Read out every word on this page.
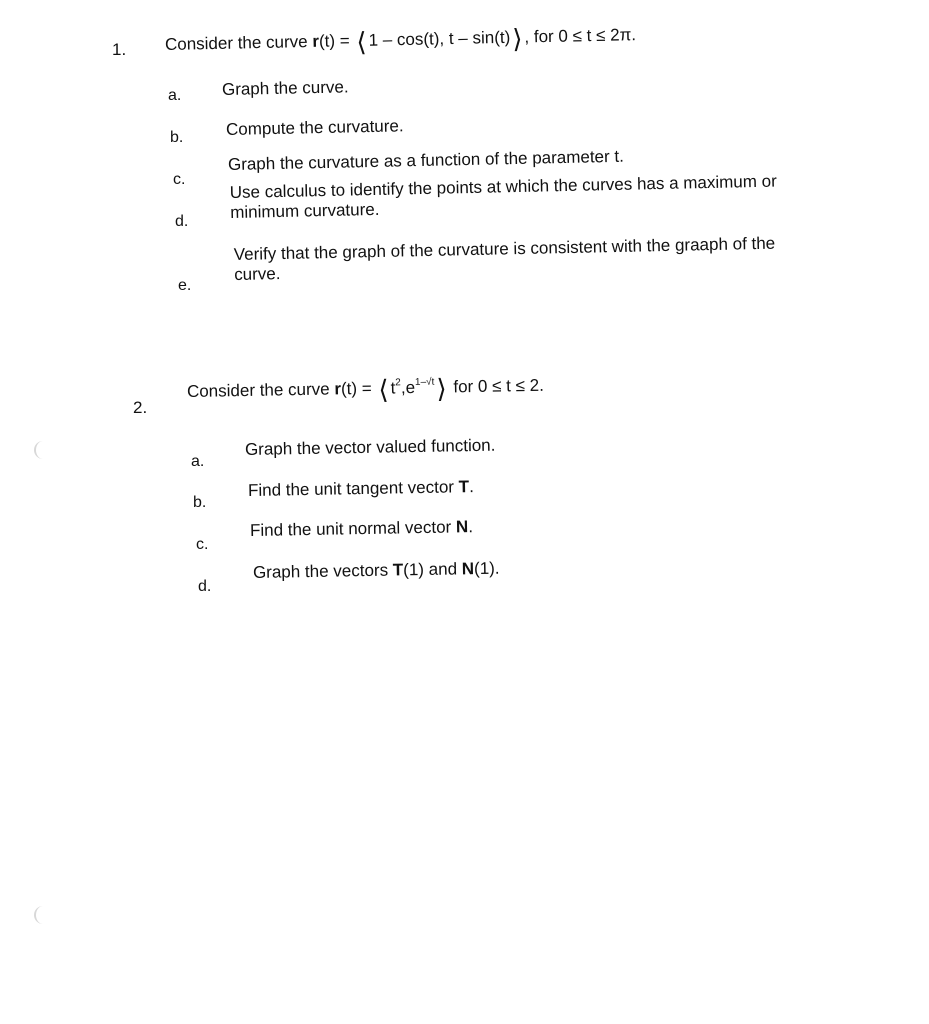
1. Consider the curve r(t) = ⟨1 – cos(t), t – sin(t)⟩, for 0 ≤ t ≤ 2π.
a. Graph the curve.
b. Compute the curvature.
c.
Graph the curvature as a function of the parameter t.
d.
Use calculus to identify the points at which the curves has a maximum or minimum curvature.
e.
Verify that the graph of the curvature is consistent with the graaph of the curve.
2.
Consider the curve $r(t) = ⟨t^2,e^{1-√t}⟩$ for 0 ≤ t ≤ 2.
a.
Graph the vector valued function.
b.
Find the unit tangent vector T.
c.
Find the unit normal vector N.
d.
Graph the vectors T(1) and N(1).
